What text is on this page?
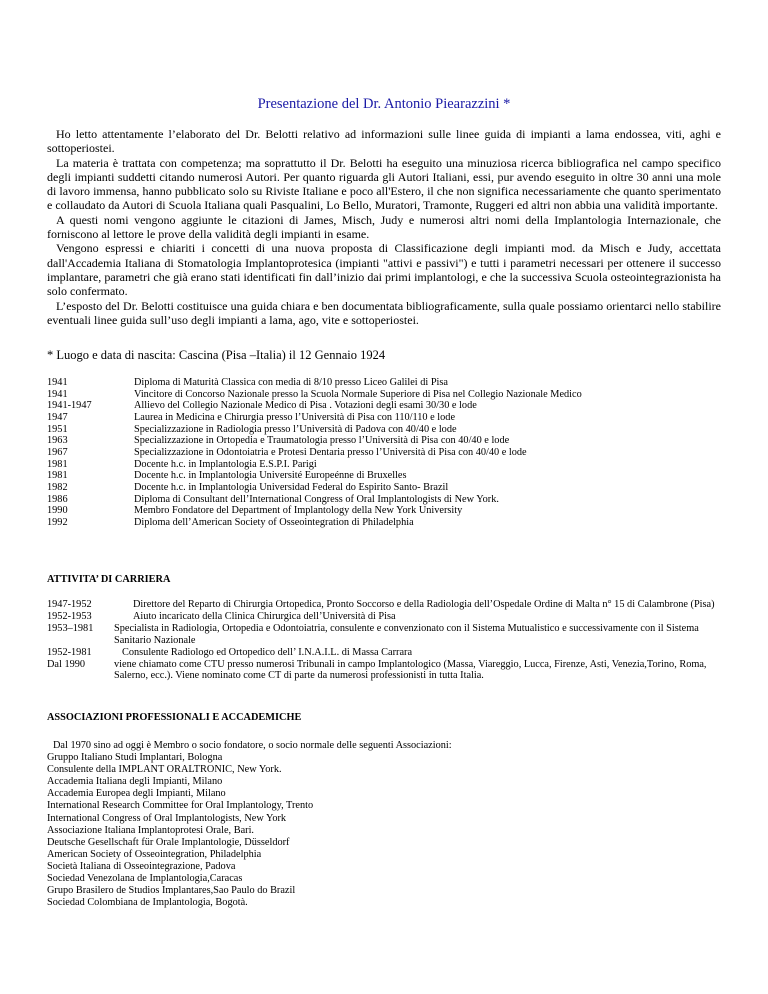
Presentazione del Dr. Antonio Piearazzini *

Ho letto attentamente l’elaborato del Dr. Belotti relativo ad informazioni sulle linee guida di impianti a lama endossea, viti, aghi e sottoperiostei.

La materia è trattata con competenza; ma soprattutto il Dr. Belotti ha eseguito una minuziosa ricerca bibliografica nel campo specifico degli impianti suddetti citando numerosi Autori. Per quanto riguarda gli Autori Italiani, essi, pur avendo eseguito in oltre 30 anni una mole di lavoro immensa, hanno pubblicato solo su Riviste Italiane e poco all'Estero, il che non significa necessariamente che quanto sperimentato e collaudato da Autori di Scuola Italiana quali Pasqualini, Lo Bello, Muratori, Tramonte, Ruggeri ed altri non abbia una validità importante.

A questi nomi vengono aggiunte le citazioni di James, Misch, Judy e numerosi altri nomi della Implantologia Internazionale, che forniscono al lettore le prove della validità degli impianti in esame.

Vengono espressi e chiariti i concetti di una nuova proposta di Classificazione degli impianti mod. da Misch e Judy, accettata dall'Accademia Italiana di Stomatologia Implantoprotesica (impianti "attivi e passivi") e tutti i parametri necessari per ottenere il successo implantare, parametri che già erano stati identificati fin dall’inizio dai primi implantologi, e che la successiva Scuola osteointegrazionista ha solo confermato.

L’esposto del Dr. Belotti costituisce una guida chiara e ben documentata bibliograficamente, sulla quale possiamo orientarci nello stabilire eventuali linee guida sull’uso degli impianti a lama, ago, vite e sottoperiostei.

* Luogo e data di nascita: Cascina (Pisa –Italia) il 12 Gennaio 1924
1941	Diploma di Maturità Classica con media di 8/10 presso Liceo Galilei di Pisa
1941	Vincitore di Concorso Nazionale presso la Scuola Normale Superiore di Pisa nel Collegio Nazionale Medico
1941-1947	Allievo del Collegio Nazionale Medico di Pisa . Votazioni degli esami 30/30 e lode
1947	Laurea in Medicina e Chirurgia presso l’Università di Pisa con 110/110 e lode
1951	Specializzazione in Radiologia presso l’Università di Padova con 40/40 e lode
1963	Specializzazione in Ortopedia e Traumatologia presso l’Università di Pisa con 40/40 e lode
1967	Specializzazione in Odontoiatria e Protesi Dentaria presso l’Università di Pisa con 40/40 e lode
1981	Docente h.c. in Implantologia E.S.P.I. Parigi
1981	Docente h.c. in Implantologia Université Europeénne di Bruxelles
1982	Docente h.c. in Implantologia Universidad Federal do Espirito Santo- Brazil
1986	Diploma di Consultant dell’International Congress of Oral Implantologists di New York.
1990	Membro Fondatore del Department of Implantology della New York University
1992	Diploma dell’American Society of Osseointegration di Philadelphia
ATTIVITA’ DI CARRIERA
1947-1952	Direttore del Reparto di Chirurgia Ortopedica, Pronto Soccorso e della Radiologia dell’Ospedale Ordine di Malta n° 15 di Calambrone (Pisa)
1952-1953	Aiuto incaricato della Clinica Chirurgica dell’Università di Pisa
1953–1981	Specialista in Radiologia, Ortopedia e Odontoiatria, consulente e convenzionato con il Sistema Mutualistico e successivamente con il Sistema Sanitario Nazionale
1952-1981	Consulente Radiologo ed Ortopedico dell’ I.N.A.I.L. di Massa Carrara
Dal 1990	viene chiamato come CTU presso numerosi Tribunali in campo Implantologico (Massa, Viareggio, Lucca, Firenze, Asti, Venezia,Torino, Roma, Salerno, ecc.). Viene nominato come CT di parte da numerosi professionisti in tutta Italia.
ASSOCIAZIONI PROFESSIONALI E ACCADEMICHE
Dal 1970 sino ad oggi è Membro o socio fondatore, o socio normale delle seguenti Associazioni:
Gruppo Italiano Studi Implantari, Bologna
Consulente della IMPLANT ORALTRONIC, New York.
Accademia Italiana degli Impianti, Milano
Accademia Europea degli Impianti, Milano
International Research Committee for Oral Implantology, Trento
International Congress of Oral Implantologists, New York
Associazione Italiana Implantoprotesi Orale, Bari.
Deutsche Gesellschaft für Orale Implantologie, Düsseldorf
American Society of Osseointegration, Philadelphia
Società Italiana di Osseointegrazione, Padova
Sociedad Venezolana de Implantologia,Caracas
Grupo Brasilero de Studios Implantares,Sao Paulo do Brazil
Sociedad Colombiana de Implantologia, Bogotà.
